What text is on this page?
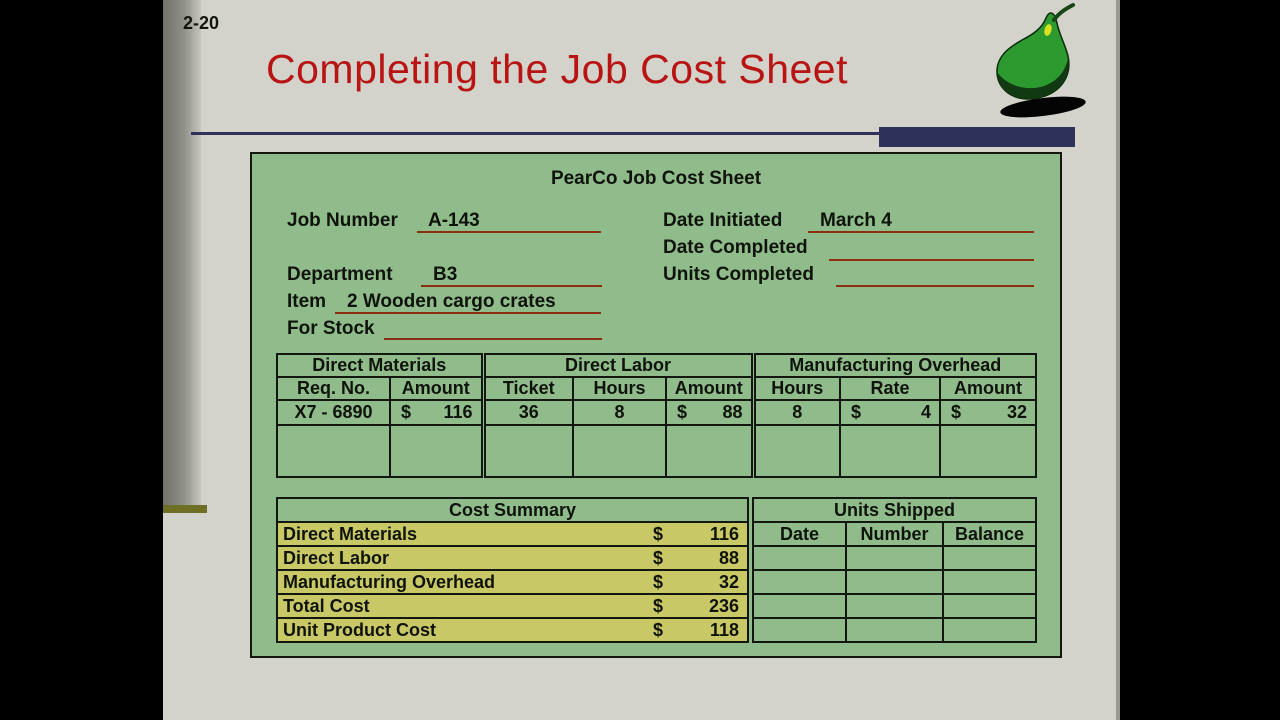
2-20
Completing the Job Cost Sheet
PearCo Job Cost Sheet
Job Number A-143	Date Initiated March 4
Date Completed
Department B3	Units Completed
Item 2 Wooden cargo crates
For Stock
Direct Materials		Direct Labor			Manufacturing Overhead		
Req. No.	Amount	Ticket	Hours	Amount	Hours	Rate	Amount
X7 - 6890	$ 116	36	8	$ 88	8	$ 4	$ 32

Cost Summary	
Direct Materials	$ 116

Direct Labor	$ 88

Manufacturing Overhead	$ 32

Total Cost	$ 236

Unit Product Cost	$ 118
Units Shipped		
Date	Number	Balance
